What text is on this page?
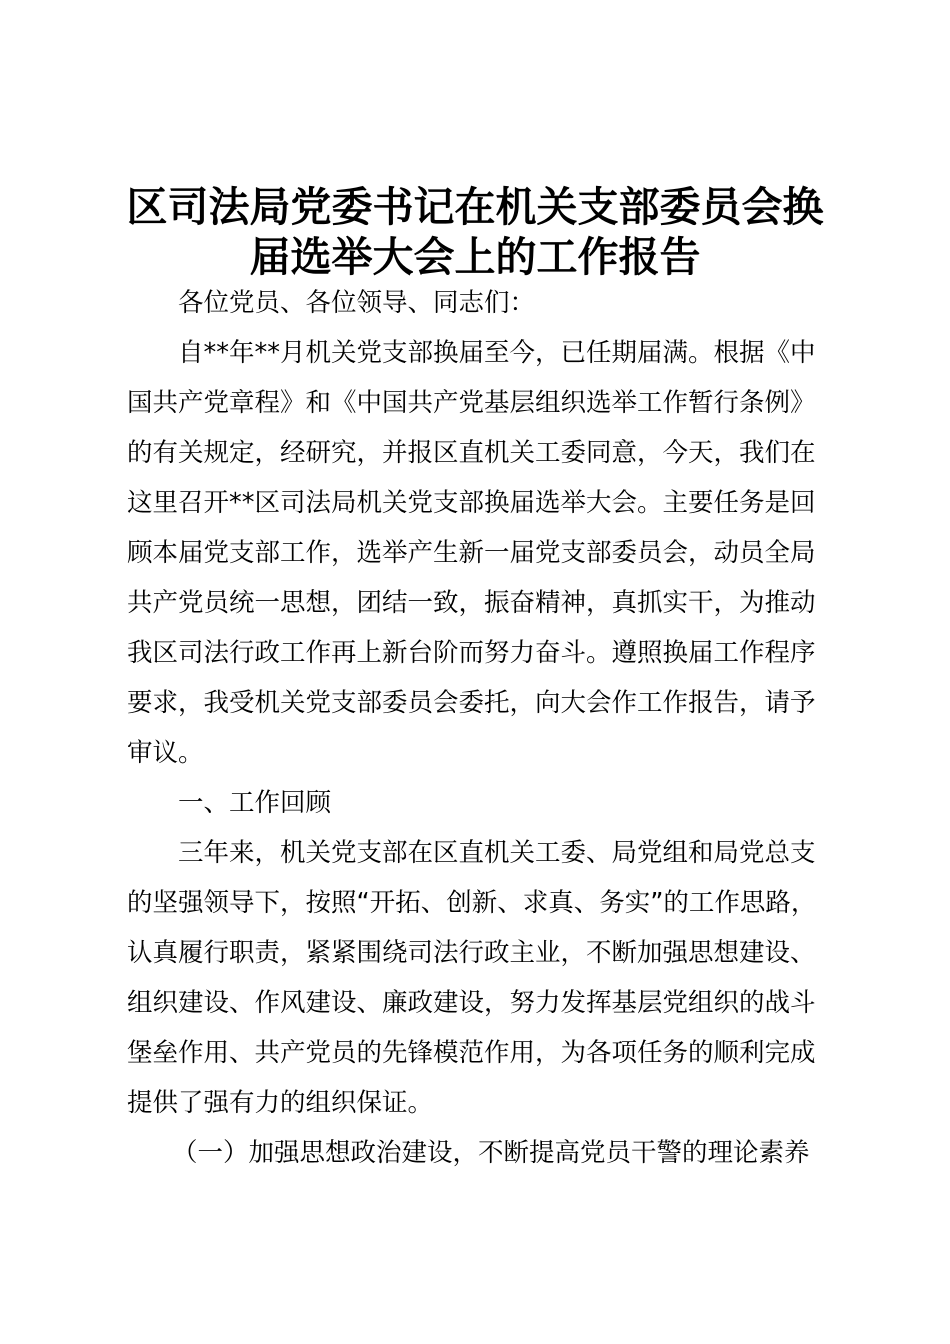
区司法局党委书记在机关支部委员会换
届选举大会上的工作报告

各位党员、各位领导、同志们：

自**年**月机关党支部换届至今，已任期届满。根据《中

国共产党章程》和《中国共产党基层组织选举工作暂行条例》

的有关规定，经研究，并报区直机关工委同意，今天，我们在

这里召开**区司法局机关党支部换届选举大会。主要任务是回

顾本届党支部工作，选举产生新一届党支部委员会，动员全局

共产党员统一思想，团结一致，振奋精神，真抓实干，为推动

我区司法行政工作再上新台阶而努力奋斗。遵照换届工作程序

要求，我受机关党支部委员会委托，向大会作工作报告，请予

审议。

一、工作回顾

三年来，机关党支部在区直机关工委、局党组和局党总支

的坚强领导下，按照“开拓、创新、求真、务实”的工作思路，

认真履行职责，紧紧围绕司法行政主业，不断加强思想建设、

组织建设、作风建设、廉政建设，努力发挥基层党组织的战斗

堡垒作用、共产党员的先锋模范作用，为各项任务的顺利完成

提供了强有力的组织保证。

（一）加强思想政治建设，不断提高党员干警的理论素养
